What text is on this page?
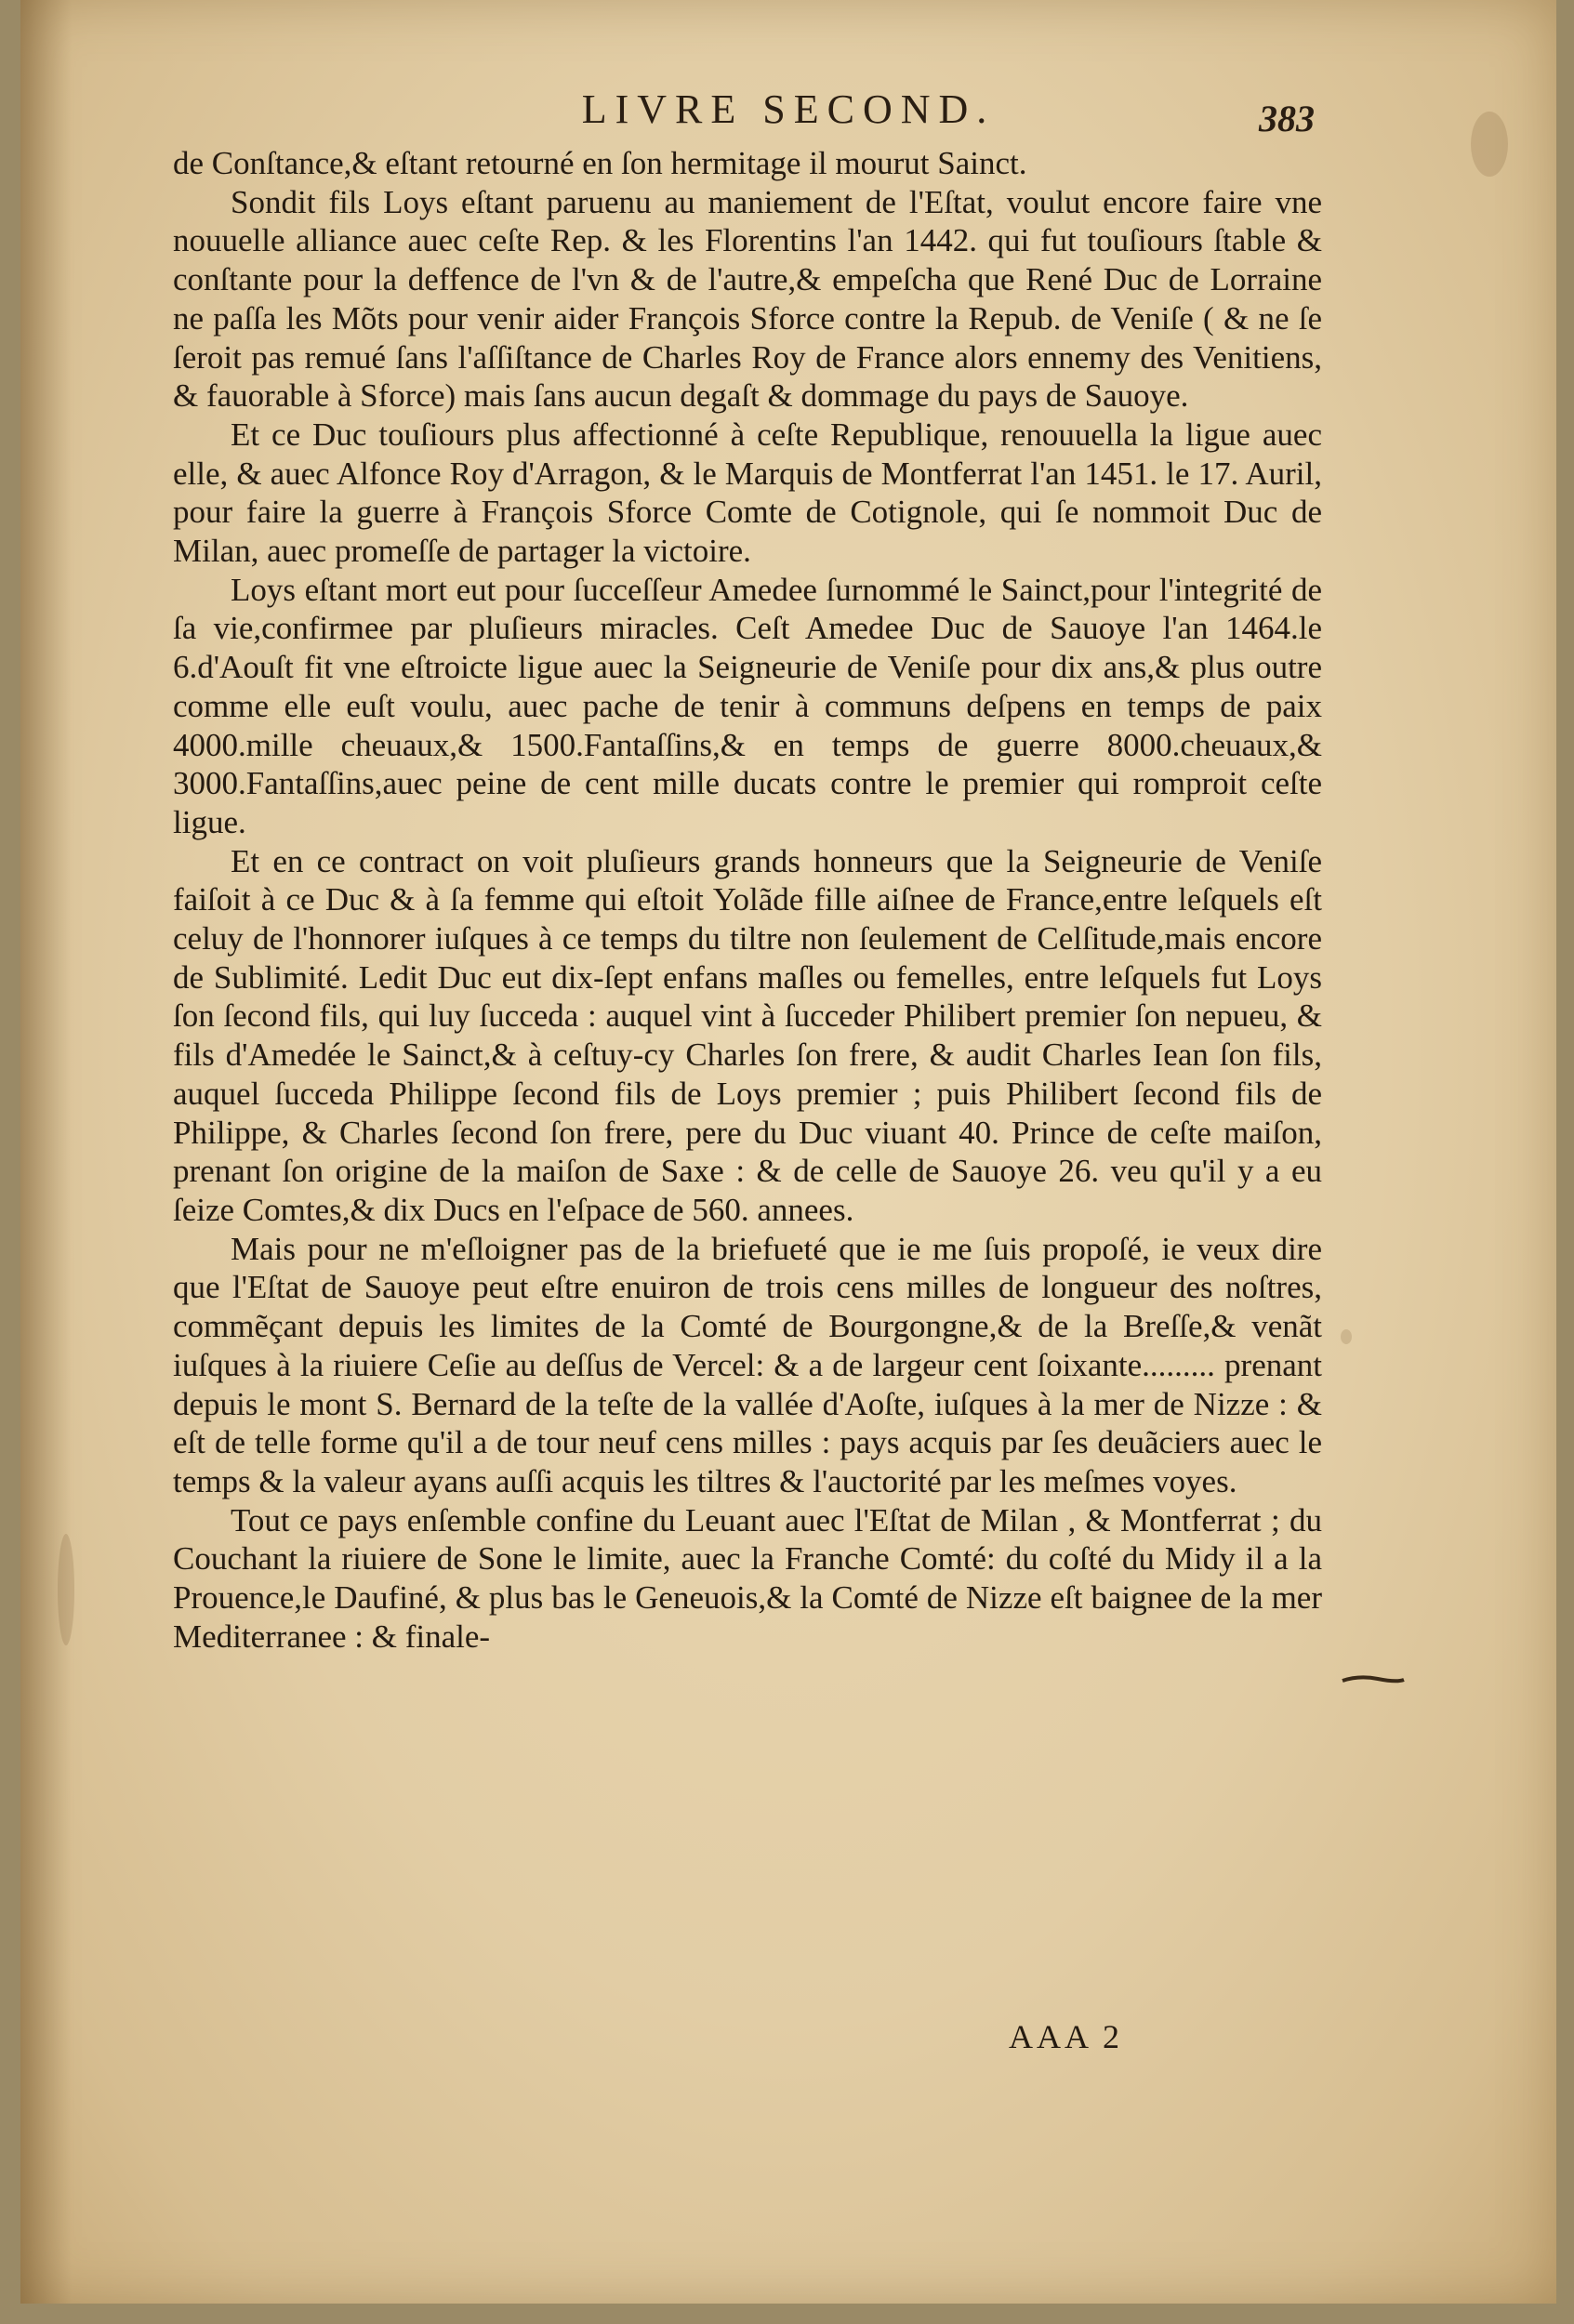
LIVRE SECOND.	383

de Conſtance,& eſtant retourné en ſon hermitage il mourut Sainct.

Sondit fils Loys eſtant paruenu au maniement de l'Eſtat, voulut encore faire vne nouuelle alliance auec ceſte Rep. & les Florentins l'an 1442. qui fut touſiours ſtable & conſtante pour la deffence de l'vn & de l'autre,& empeſcha que René Duc de Lorraine ne paſſa les Mõts pour venir aider François Sforce contre la Repub. de Veniſe ( & ne ſe ſeroit pas remué ſans l'aſſiſtance de Charles Roy de France alors ennemy des Venitiens, & fauorable à Sforce) mais ſans aucun degaſt & dommage du pays de Sauoye.

Et ce Duc touſiours plus affectionné à ceſte Republique, renouuella la ligue auec elle, & auec Alfonce Roy d'Arragon, & le Marquis de Montferrat l'an 1451. le 17. Auril, pour faire la guerre à François Sforce Comte de Cotignole, qui ſe nommoit Duc de Milan, auec promeſſe de partager la victoire.

Loys eſtant mort eut pour ſucceſſeur Amedee ſurnommé le Sainct,pour l'integrité de ſa vie,confirmee par pluſieurs miracles. Ceſt Amedee Duc de Sauoye l'an 1464.le 6.d'Aouſt fit vne eſtroicte ligue auec la Seigneurie de Veniſe pour dix ans,& plus outre comme elle euſt voulu, auec pache de tenir à communs deſpens en temps de paix 4000.mille cheuaux,& 1500.Fantaſſins,& en temps de guerre 8000.cheuaux,& 3000.Fantaſſins,auec peine de cent mille ducats contre le premier qui romproit ceſte ligue.

Et en ce contract on voit pluſieurs grands honneurs que la Seigneurie de Veniſe faiſoit à ce Duc & à ſa femme qui eſtoit Yolãde fille aiſnee de France,entre leſquels eſt celuy de l'honnorer iuſques à ce temps du tiltre non ſeulement de Celſitude,mais encore de Sublimité. Ledit Duc eut dix-ſept enfans maſles ou femelles, entre leſquels fut Loys ſon ſecond fils, qui luy ſucceda : auquel vint à ſucceder Philibert premier ſon nepueu, & fils d'Amedée le Sainct,& à ceſtuy-cy Charles ſon frere, & audit Charles Iean ſon fils, auquel ſucceda Philippe ſecond fils de Loys premier ; puis Philibert ſecond fils de Philippe, & Charles ſecond ſon frere, pere du Duc viuant 40. Prince de ceſte maiſon, prenant ſon origine de la maiſon de Saxe : & de celle de Sauoye 26. veu qu'il y a eu ſeize Comtes,& dix Ducs en l'eſpace de 560. annees.

Mais pour ne m'eſloigner pas de la briefueté que ie me ſuis propoſé, ie veux dire que l'Eſtat de Sauoye peut eſtre enuiron de trois cens milles de longueur des noſtres, commẽçant depuis les limites de la Comté de Bourgongne,& de la Breſſe,& venãt iuſques à la riuiere Ceſie au deſſus de Vercel: & a de largeur cent ſoixante......... prenant depuis le mont S. Bernard de la teſte de la vallée d'Aoſte, iuſques à la mer de Nizze : & eſt de telle forme qu'il a de tour neuf cens milles : pays acquis par ſes deuãciers auec le temps & la valeur ayans auſſi acquis les tiltres & l'auctorité par les meſmes voyes.

Tout ce pays enſemble confine du Leuant auec l'Eſtat de Milan , & Montferrat ; du Couchant la riuiere de Sone le limite, auec la Franche Comté: du coſté du Midy il a la Prouence,le Daufiné, & plus bas le Geneuois,& la Comté de Nizze eſt baignee de la mer Mediterranee : & finale-

AAA 2
